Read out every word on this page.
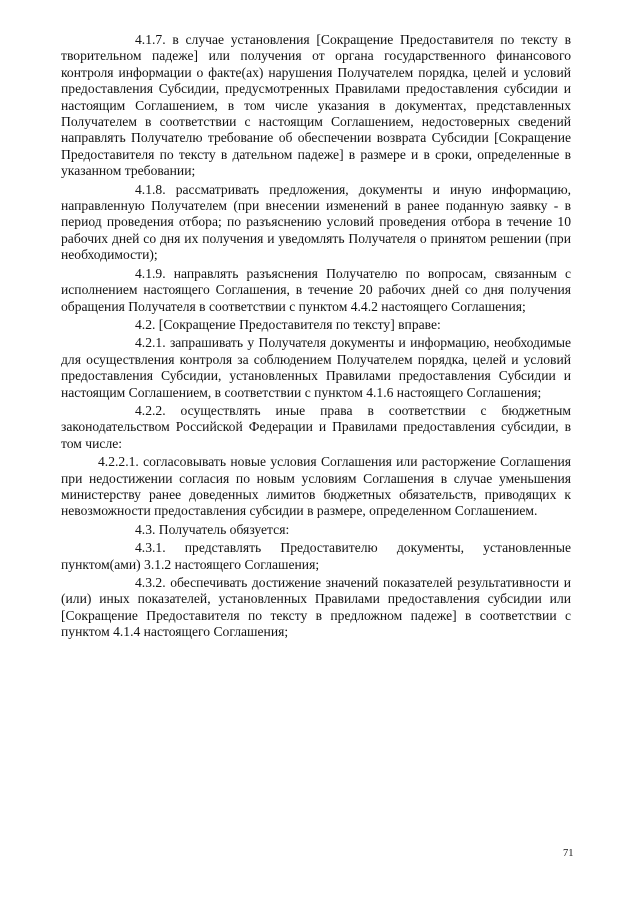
4.1.7. в случае установления [Сокращение Предоставителя по тексту в творительном падеже] или получения от органа государственного финансового контроля информации о факте(ах) нарушения Получателем порядка, целей и условий предоставления Субсидии, предусмотренных Правилами предоставления субсидии и настоящим Соглашением, в том числе указания в документах, представленных Получателем в соответствии с настоящим Соглашением, недостоверных сведений направлять Получателю требование об обеспечении возврата Субсидии [Сокращение Предоставителя по тексту в дательном падеже] в размере и в сроки, определенные в указанном требовании;

4.1.8. рассматривать предложения, документы и иную информацию, направленную Получателем (при внесении изменений в ранее поданную заявку - в период проведения отбора; по разъяснению условий проведения отбора в течение 10 рабочих дней со дня их получения и уведомлять Получателя о принятом решении (при необходимости);

4.1.9. направлять разъяснения Получателю по вопросам, связанным с исполнением настоящего Соглашения, в течение 20 рабочих дней со дня получения обращения Получателя в соответствии с пунктом 4.4.2 настоящего Соглашения;

4.2. [Сокращение Предоставителя по тексту] вправе:

4.2.1. запрашивать у Получателя документы и информацию, необходимые для осуществления контроля за соблюдением Получателем порядка, целей и условий предоставления Субсидии, установленных Правилами предоставления Субсидии и настоящим Соглашением, в соответствии с пунктом 4.1.6 настоящего Соглашения;

4.2.2. осуществлять иные права в соответствии с бюджетным законодательством Российской Федерации и Правилами предоставления субсидии, в том числе:

4.2.2.1. согласовывать новые условия Соглашения или расторжение Соглашения при недостижении согласия по новым условиям Соглашения в случае уменьшения министерству ранее доведенных лимитов бюджетных обязательств, приводящих к невозможности предоставления субсидии в размере, определенном Соглашением.

4.3. Получатель обязуется:

4.3.1. представлять Предоставителю документы, установленные пунктом(ами) 3.1.2 настоящего Соглашения;

4.3.2. обеспечивать достижение значений показателей результативности и (или) иных показателей, установленных Правилами предоставления субсидии или [Сокращение Предоставителя по тексту в предложном падеже] в соответствии с пунктом 4.1.4 настоящего Соглашения;

71
